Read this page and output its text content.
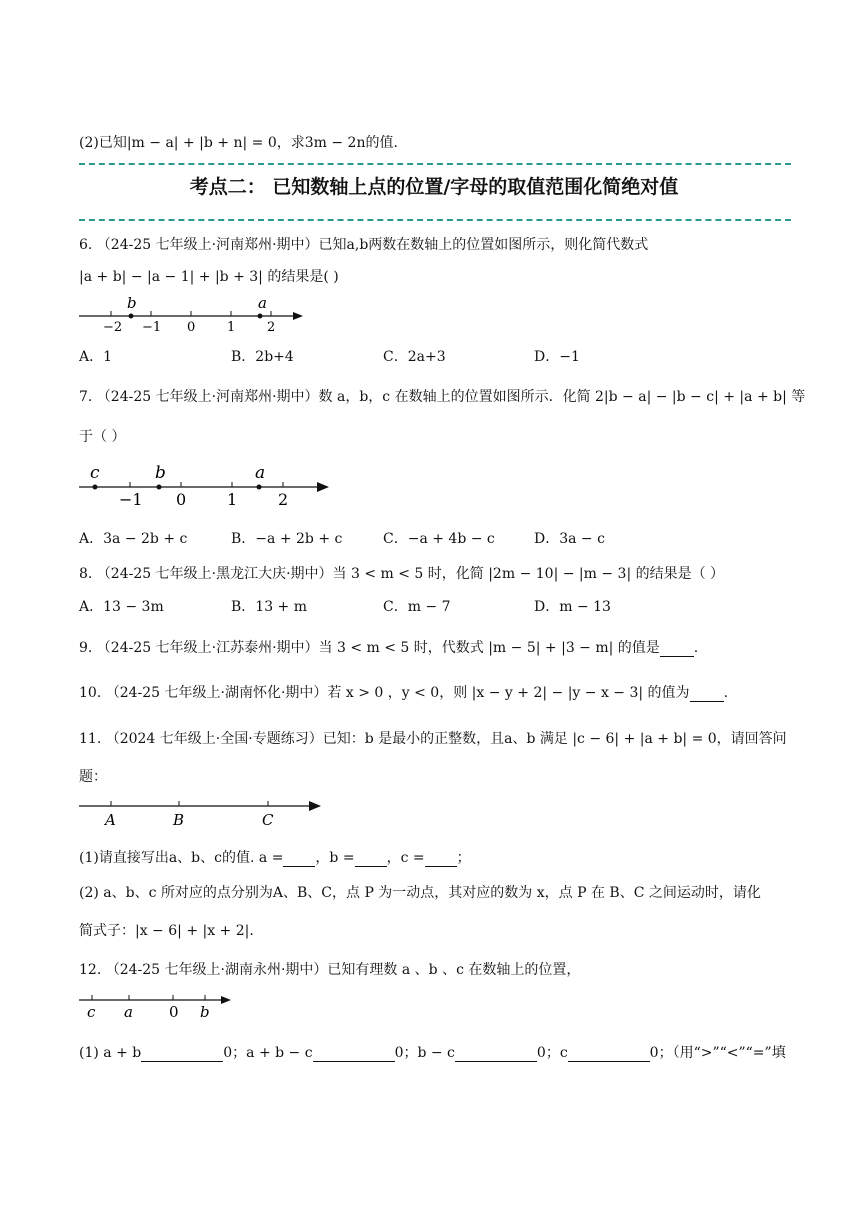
(2)已知|m − a| + |b + n| = 0，求3m − 2n的值.
考点二： 已知数轴上点的位置/字母的取值范围化简绝对值
6. （24-25 七年级上·河南郑州·期中）已知a,b两数在数轴上的位置如图所示，则化简代数式
|a + b| − |a − 1| + |b + 3| 的结果是( )
−2 −1 0 1 2
b	a
A．1	B．2b+4	C．2a+3	D．−1
7. （24-25 七年级上·河南郑州·期中）数 a，b，c 在数轴上的位置如图所示．化简 2|b − a| − |b − c| + |a + b| 等
于（ ）
−1 0	1	2
c	b	a
A．3a − 2b + c	B．−a + 2b + c	C．−a + 4b − c	D．3a − c
8. （24-25 七年级上·黑龙江大庆·期中）当 3 < m < 5 时，化简 |2m − 10| − |m − 3| 的结果是（ ）
A．13 − 3m	B．13 + m	C．m − 7	D．m − 13
9. （24-25 七年级上·江苏泰州·期中）当 3 < m < 5 时，代数式 |m − 5| + |3 − m| 的值是 .
10. （24-25 七年级上·湖南怀化·期中）若 x > 0 ，y < 0，则 |x − y + 2| − |y − x − 3| 的值为 .
11. （2024 七年级上·全国·专题练习）已知：b 是最小的正整数，且a、b 满足 |c − 6| + |a + b| = 0，请回答问
题：
A	B	C
(1)请直接写出a、b、c的值. a = ，b = ，c = ；
(2) a、b、c 所对应的点分别为A、B、C，点 P 为一动点，其对应的数为 x，点 P 在 B、C 之间运动时，请化
简式子：|x − 6| + |x + 2|.
12. （24-25 七年级上·湖南永州·期中）已知有理数 a 、b 、c 在数轴上的位置，
c a 0 b
(1) a + b	0；a + b − c	0；b − c	0；c	0；（用“>”“<”“=”填
